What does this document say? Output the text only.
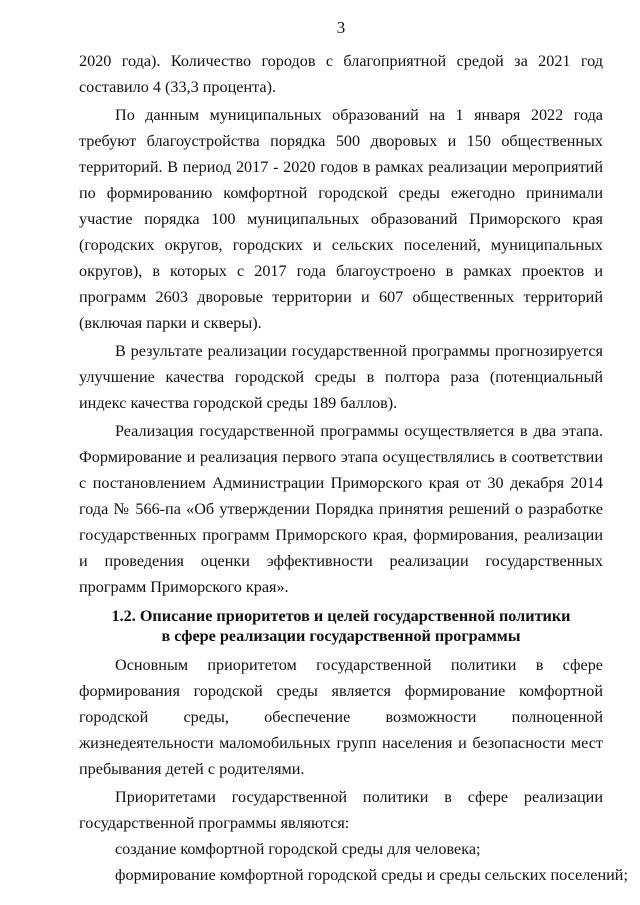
3

2020 года). Количество городов с благоприятной средой за 2021 год составило 4 (33,3 процента).

По данным муниципальных образований на 1 января 2022 года требуют благоустройства порядка 500 дворовых и 150 общественных территорий. В период 2017 - 2020 годов в рамках реализации мероприятий по формированию комфортной городской среды ежегодно принимали участие порядка 100 муниципальных образований Приморского края (городских округов, городских и сельских поселений, муниципальных округов), в которых с 2017 года благоустроено в рамках проектов и программ 2603 дворовые территории и 607 общественных территорий (включая парки и скверы).

В результате реализации государственной программы прогнозируется улучшение качества городской среды в полтора раза (потенциальный индекс качества городской среды 189 баллов).

Реализация государственной программы осуществляется в два этапа. Формирование и реализация первого этапа осуществлялись в соответствии с постановлением Администрации Приморского края от 30 декабря 2014 года № 566-па «Об утверждении Порядка принятия решений о разработке государственных программ Приморского края, формирования, реализации и проведения оценки эффективности реализации государственных программ Приморского края».

1.2. Описание приоритетов и целей государственной политики
в сфере реализации государственной программы

Основным приоритетом государственной политики в сфере формирования городской среды является формирование комфортной городской среды, обеспечение возможности полноценной жизнедеятельности маломобильных групп населения и безопасности мест пребывания детей с родителями.

Приоритетами государственной политики в сфере реализации государственной программы являются:

создание комфортной городской среды для человека;

формирование комфортной городской среды и среды сельских поселений;
